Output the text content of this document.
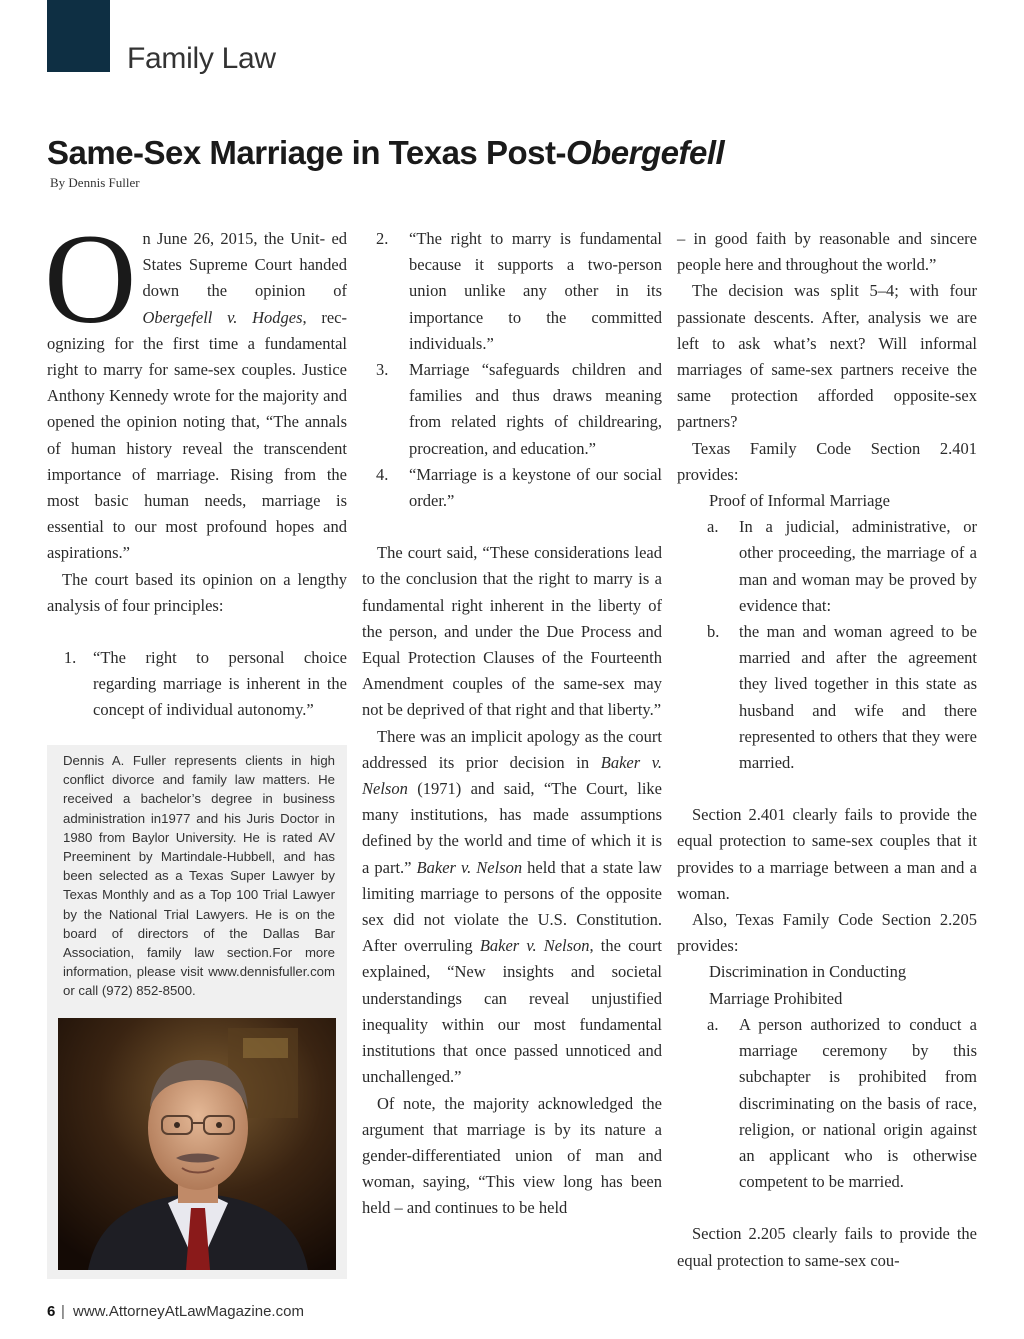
Family Law
Same-Sex Marriage in Texas Post-Obergefell
By Dennis Fuller

On June 26, 2015, the Unit- ed States Supreme Court handed down the opinion of Obergefell v. Hodges, rec-ognizing for the first time a fundamental right to marry for same-sex couples. Justice Anthony Kennedy wrote for the majority and opened the opinion noting that, “The annals of human history reveal the transcendent importance of marriage. Rising from the most basic human needs, marriage is essential to our most profound hopes and aspirations.”

The court based its opinion on a lengthy analysis of four principles:

1.	“The right to personal choice regarding marriage is inherent in the concept of individual autonomy.”
Dennis A. Fuller represents clients in high conflict divorce and family law matters. He received a bachelor’s degree in business administration in1977 and his Juris Doctor in 1980 from Baylor University. He is rated AV Preeminent by Martindale-Hubbell, and has been selected as a Texas Super Lawyer by Texas Monthly and as a Top 100 Trial Lawyer by the National Trial Lawyers. He is on the board of directors of the Dallas Bar Association, family law section.For more information, please visit www.dennisfuller.com or call (972) 852-8500.
2.	“The right to marry is fundamental because it supports a two-person union unlike any other in its importance to the committed individuals.”
3.	Marriage “safeguards children and families and thus draws meaning from related rights of childrearing, procreation, and education.”
4.	“Marriage is a keystone of our social order.”

The court said, “These considerations lead to the conclusion that the right to marry is a fundamental right inherent in the liberty of the person, and under the Due Process and Equal Protection Clauses of the Fourteenth Amendment couples of the same-sex may not be deprived of that right and that liberty.”

There was an implicit apology as the court addressed its prior decision in Baker v. Nelson (1971) and said, “The Court, like many institutions, has made assumptions defined by the world and time of which it is a part.” Baker v. Nelson held that a state law limiting marriage to persons of the opposite sex did not violate the U.S. Constitution. After overruling Baker v. Nelson, the court explained, “New insights and societal understandings can reveal unjustified inequality within our most fundamental institutions that once passed unnoticed and unchallenged.”

Of note, the majority acknowledged the argument that marriage is by its nature a gender-differentiated union of man and woman, saying, “This view long has been held – and continues to be held

– in good faith by reasonable and sincere people here and throughout the world.”

The decision was split 5–4; with four passionate descents. After, analysis we are left to ask what’s next? Will informal marriages of same-sex partners receive the same protection afforded opposite-sex partners?

Texas Family Code Section 2.401 provides:

Proof of Informal Marriage

a.	In a judicial, administrative, or other proceeding, the marriage of a man and woman may be proved by evidence that:
b.	the man and woman agreed to be married and after the agreement they lived together in this state as husband and wife and there represented to others that they were married.

Section 2.401 clearly fails to provide the equal protection to same-sex couples that it provides to a marriage between a man and a woman.

Also, Texas Family Code Section 2.205 provides:

Discrimination in Conducting

Marriage Prohibited

a.	A person authorized to conduct a marriage ceremony by this subchapter is prohibited from discriminating on the basis of race, religion, or national origin against an applicant who is otherwise competent to be married.

Section 2.205 clearly fails to provide the equal protection to same-sex cou-

6 | www.AttorneyAtLawMagazine.com
